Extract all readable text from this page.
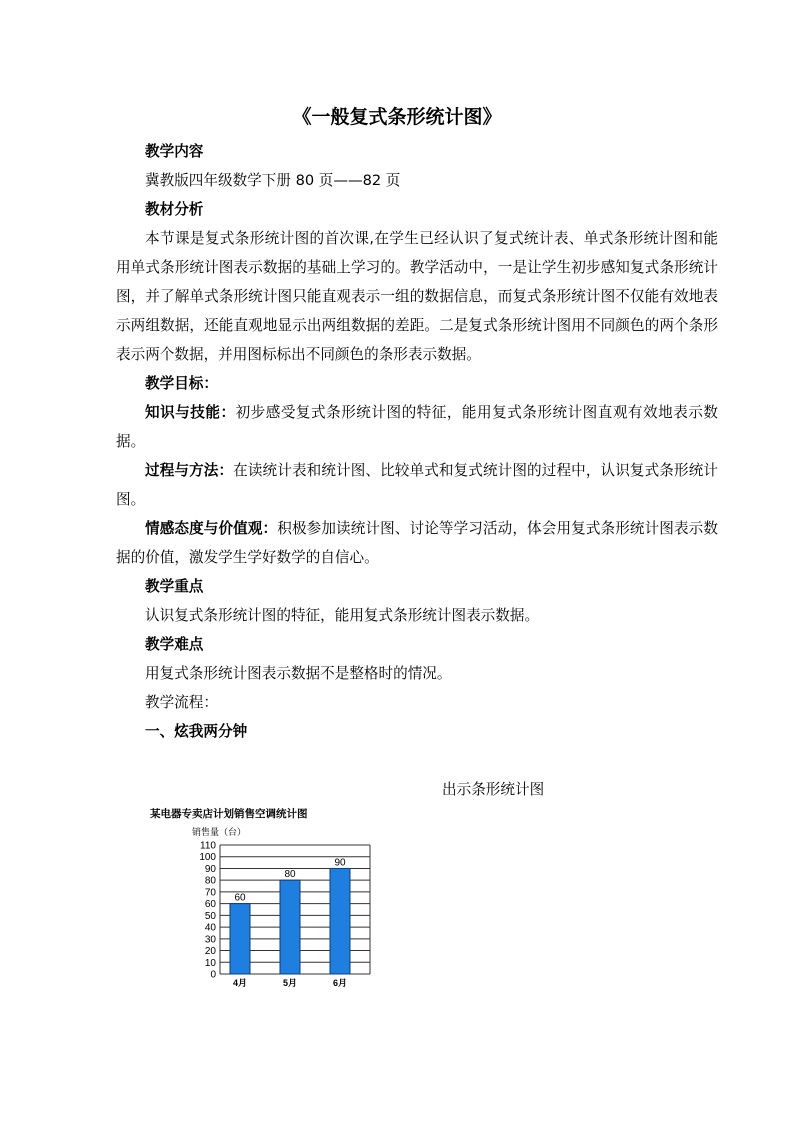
《一般复式条形统计图》

教学内容

冀教版四年级数学下册 80 页——82 页

教材分析

本节课是复式条形统计图的首次课,在学生已经认识了复式统计表、单式条形统计图和能用单式条形统计图表示数据的基础上学习的。教学活动中，一是让学生初步感知复式条形统计图，并了解单式条形统计图只能直观表示一组的数据信息，而复式条形统计图不仅能有效地表示两组数据，还能直观地显示出两组数据的差距。二是复式条形统计图用不同颜色的两个条形表示两个数据，并用图标标出不同颜色的条形表示数据。

教学目标：

知识与技能：初步感受复式条形统计图的特征，能用复式条形统计图直观有效地表示数据。

过程与方法：在读统计表和统计图、比较单式和复式统计图的过程中，认识复式条形统计图。

情感态度与价值观：积极参加读统计图、讨论等学习活动，体会用复式条形统计图表示数据的价值，激发学生学好数学的自信心。

教学重点

认识复式条形统计图的特征，能用复式条形统计图表示数据。

教学难点

用复式条形统计图表示数据不是整格时的情况。

教学流程：

一、炫我两分钟

出示条形统计图
某电器专卖店计划销售空调统计图
销售量（台）
0
10
20
30
40
50
60
70
80
90
100
110
60
80
90
4月	5月	6月
